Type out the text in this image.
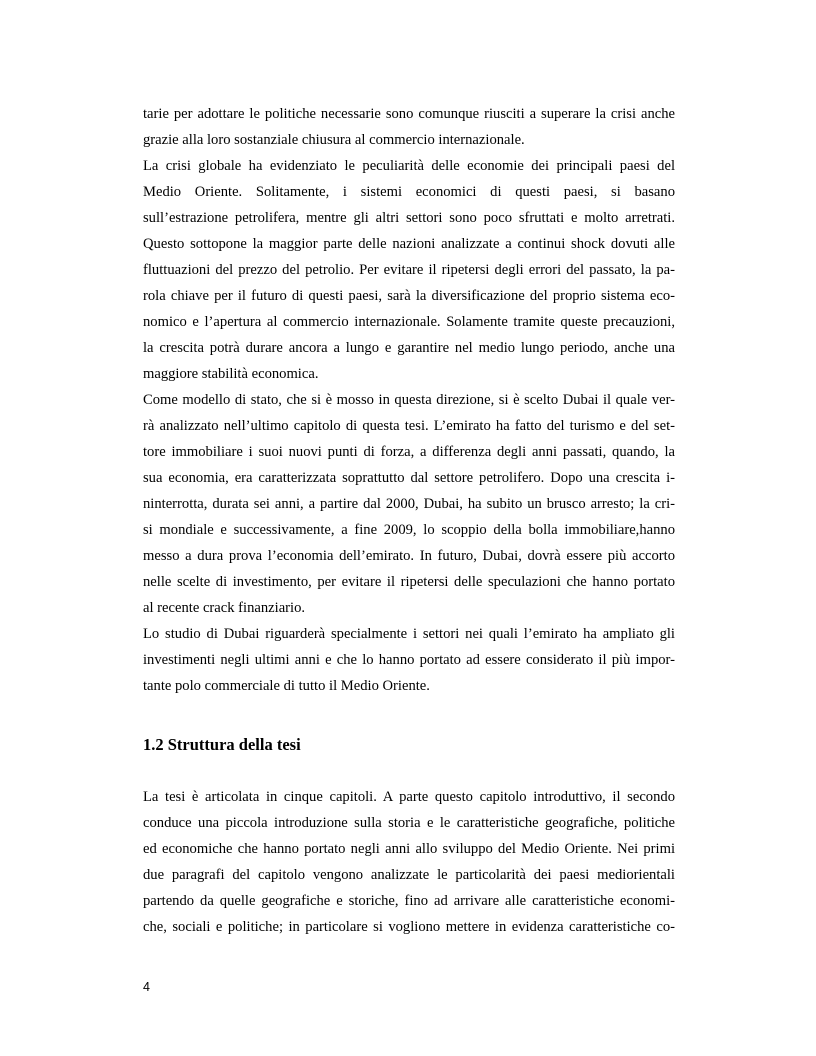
tarie per adottare le politiche necessarie sono comunque riusciti a superare la crisi anche
grazie alla loro sostanziale chiusura al commercio internazionale.
La crisi globale ha evidenziato le peculiarità delle economie dei principali paesi del
Medio Oriente. Solitamente, i sistemi economici di questi paesi, si basano
sull’estrazione petrolifera, mentre gli altri settori sono poco sfruttati e molto arretrati.
Questo sottopone la maggior parte delle nazioni analizzate a continui shock dovuti alle
fluttuazioni del prezzo del petrolio. Per evitare il ripetersi degli errori del passato, la pa-
rola chiave per il futuro di questi paesi, sarà la diversificazione del proprio sistema eco-
nomico e l’apertura al commercio internazionale. Solamente tramite queste precauzioni,
la crescita potrà durare ancora a lungo e garantire nel medio lungo periodo, anche una
maggiore stabilità economica.
Come modello di stato, che si è mosso in questa direzione, si è scelto Dubai il quale ver-
rà analizzato nell’ultimo capitolo di questa tesi. L’emirato ha fatto del turismo e del set-
tore immobiliare i suoi nuovi punti di forza, a differenza degli anni passati, quando, la
sua economia, era caratterizzata soprattutto dal settore petrolifero. Dopo una crescita i-
ninterrotta, durata sei anni, a partire dal 2000, Dubai, ha subito un brusco arresto; la cri-
si mondiale e successivamente, a fine 2009, lo scoppio della bolla immobiliare,hanno
messo a dura prova l’economia dell’emirato. In futuro, Dubai, dovrà essere più accorto
nelle scelte di investimento, per evitare il ripetersi delle speculazioni che hanno portato
al recente crack finanziario.
Lo studio di Dubai riguarderà specialmente i settori nei quali l’emirato ha ampliato gli
investimenti negli ultimi anni e che lo hanno portato ad essere considerato il più impor-
tante polo commerciale di tutto il Medio Oriente.
1.2 Struttura della tesi
La tesi è articolata in cinque capitoli. A parte questo capitolo introduttivo, il secondo
conduce una piccola introduzione sulla storia e le caratteristiche geografiche, politiche
ed economiche che hanno portato negli anni allo sviluppo del Medio Oriente. Nei primi
due paragrafi del capitolo vengono analizzate le particolarità dei paesi mediorientali
partendo da quelle geografiche e storiche, fino ad arrivare alle caratteristiche economi-
che, sociali e politiche; in particolare si vogliono mettere in evidenza caratteristiche co-
4
